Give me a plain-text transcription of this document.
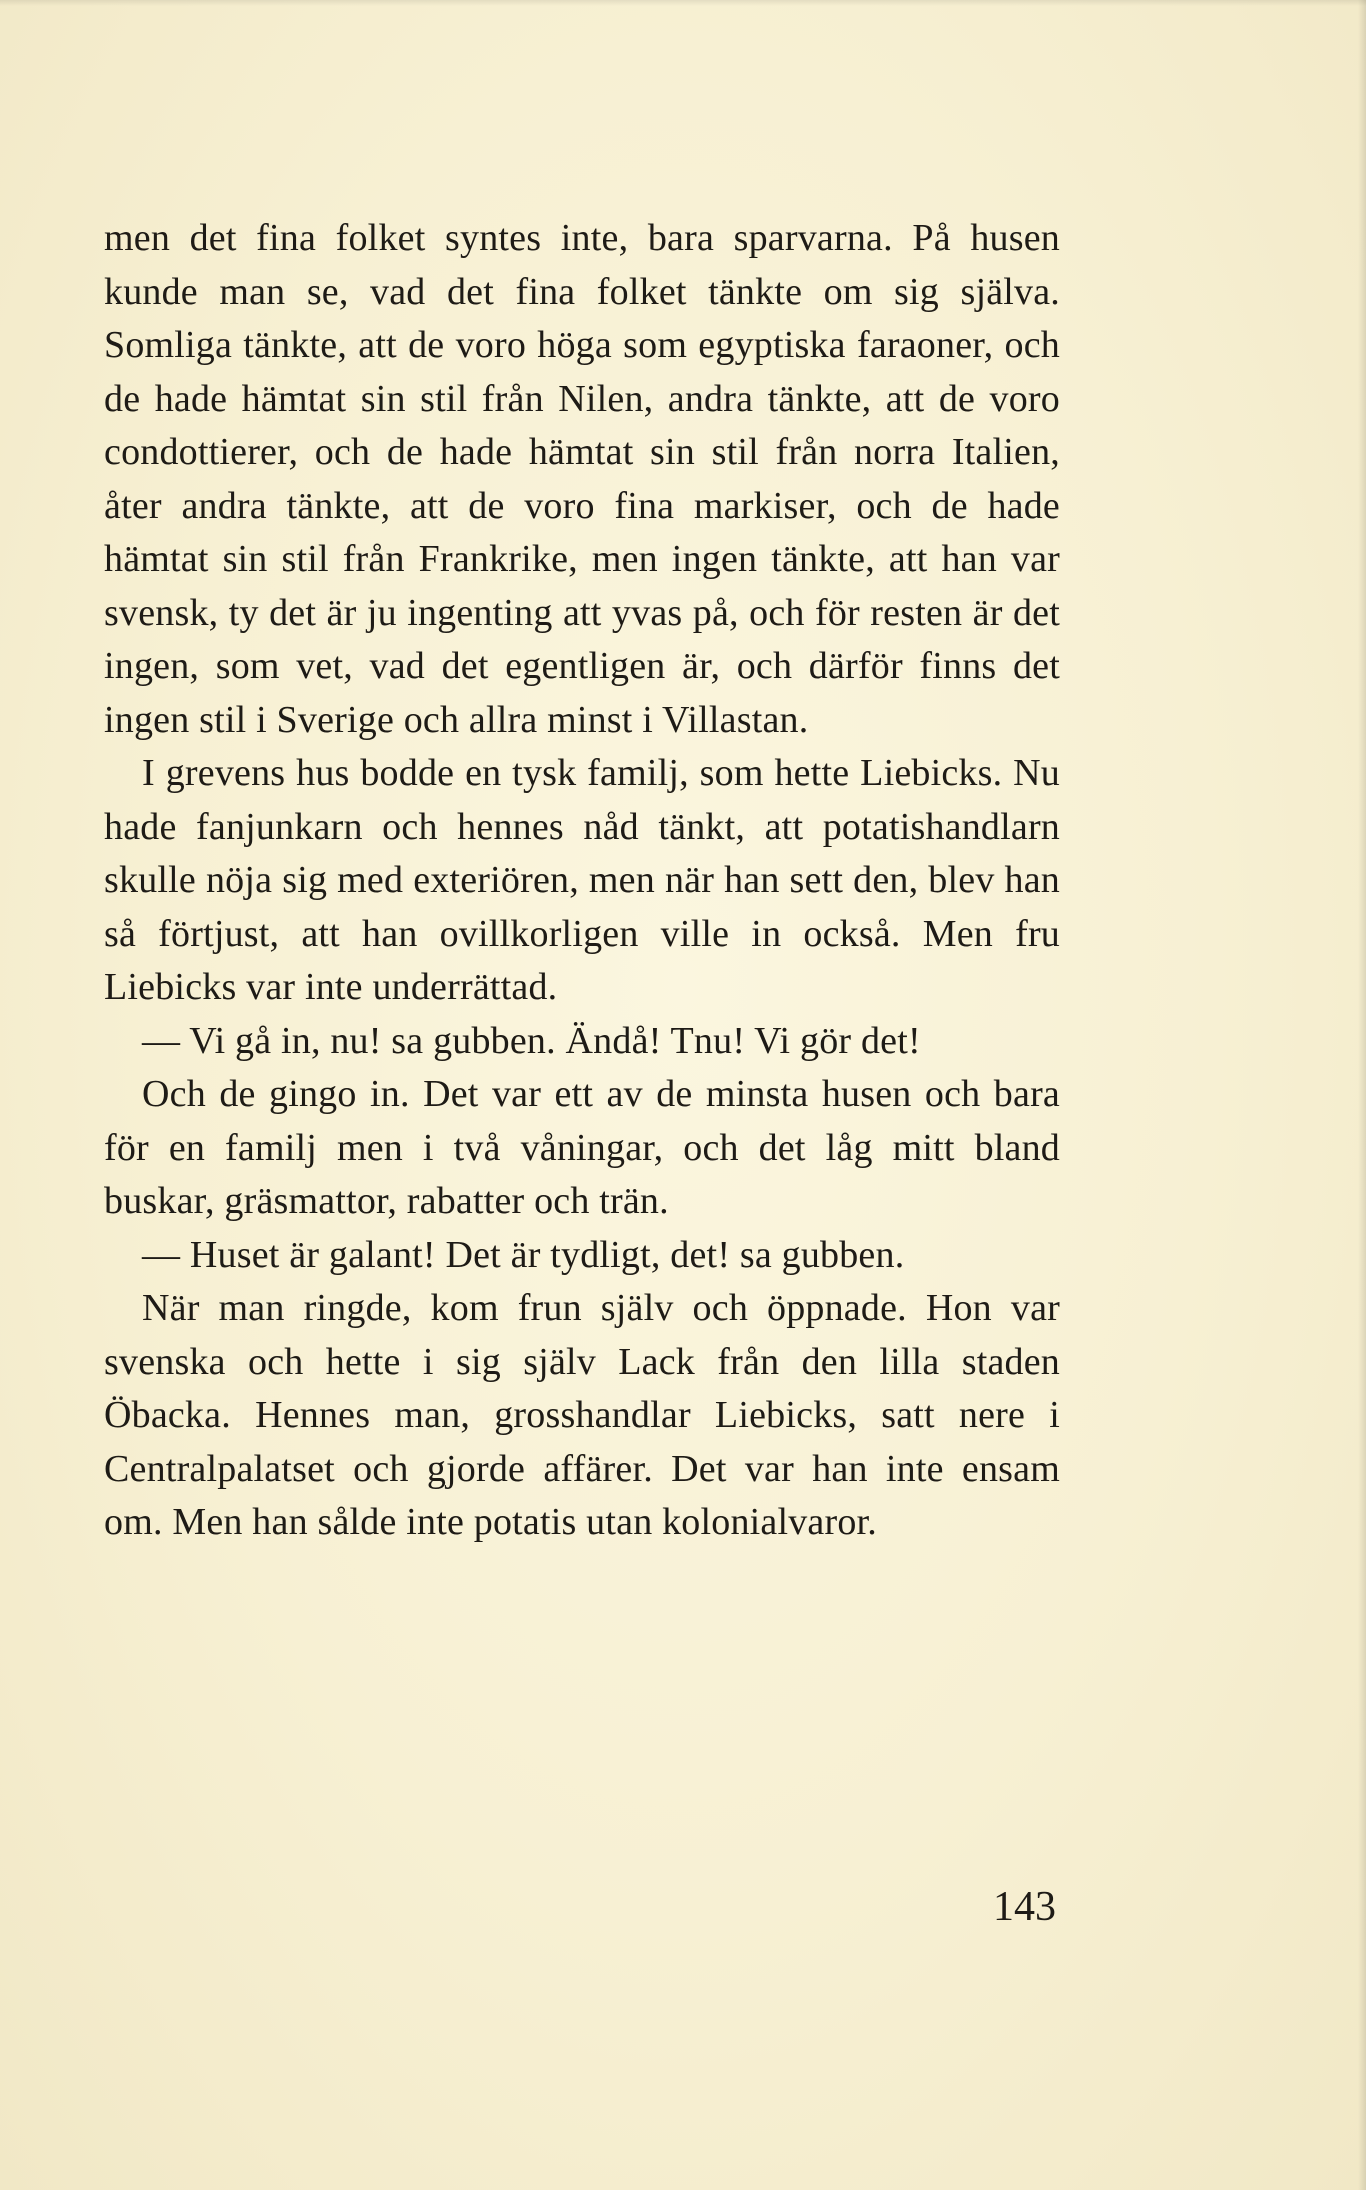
men det fina folket syntes inte, bara sparvarna. På husen kunde man se, vad det fina folket tänkte om sig själva. Somliga tänkte, att de voro höga som egyptiska faraoner, och de hade hämtat sin stil från Nilen, andra tänkte, att de voro condottierer, och de hade hämtat sin stil från norra Italien, åter andra tänkte, att de voro fina markiser, och de hade hämtat sin stil från Frankrike, men ingen tänkte, att han var svensk, ty det är ju ingenting att yvas på, och för resten är det ingen, som vet, vad det egentligen är, och därför finns det ingen stil i Sverige och allra minst i Villastan.

I grevens hus bodde en tysk familj, som hette Liebicks. Nu hade fanjunkarn och hennes nåd tänkt, att potatishandlarn skulle nöja sig med exteriören, men när han sett den, blev han så förtjust, att han ovillkorligen ville in också. Men fru Liebicks var inte underrättad.

— Vi gå in, nu! sa gubben. Ändå! Tnu! Vi gör det!

Och de gingo in. Det var ett av de minsta husen och bara för en familj men i två våningar, och det låg mitt bland buskar, gräsmattor, rabatter och trän.

— Huset är galant! Det är tydligt, det! sa gubben.

När man ringde, kom frun själv och öppnade. Hon var svenska och hette i sig själv Lack från den lilla staden Öbacka. Hennes man, grosshandlar Liebicks, satt nere i Centralpalatset och gjorde affärer. Det var han inte ensam om. Men han sålde inte potatis utan kolonialvaror.

143
